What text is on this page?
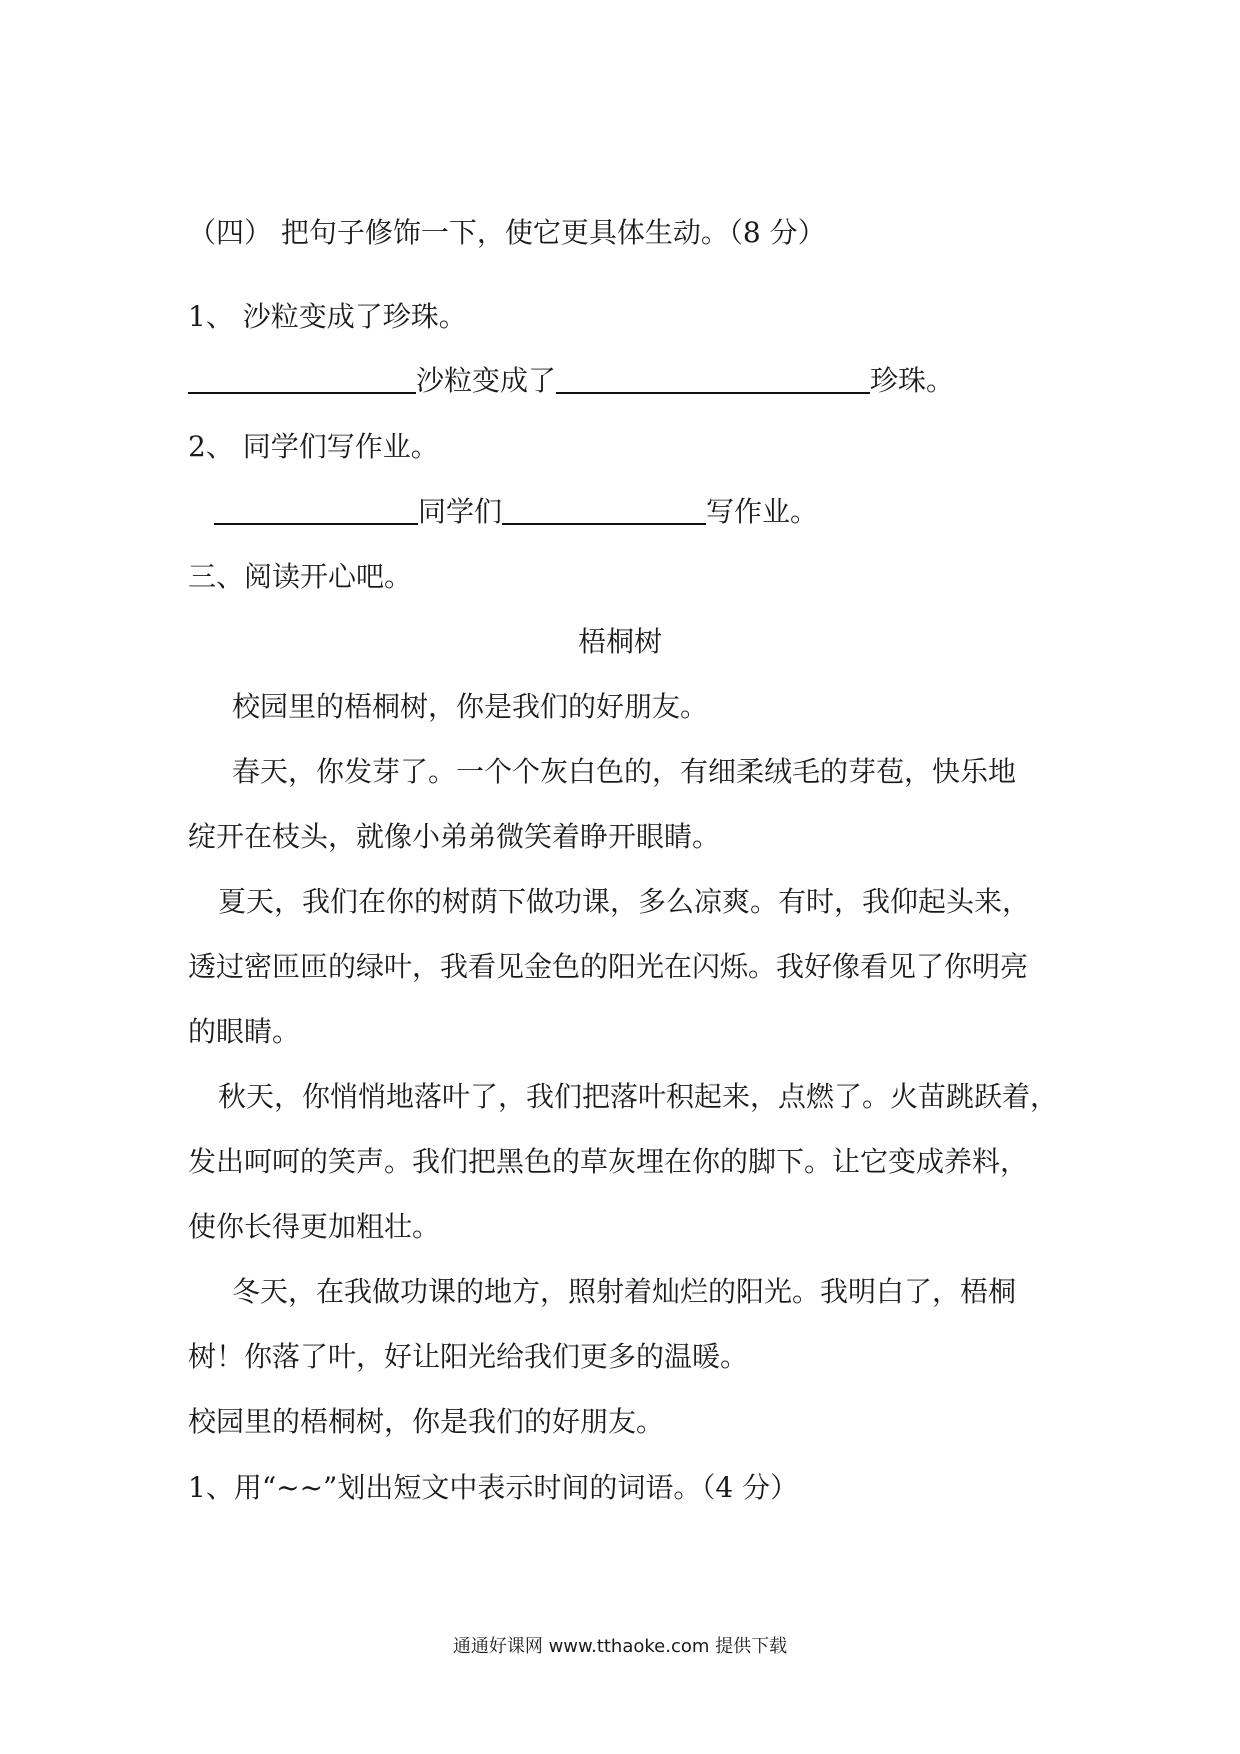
（四） 把句子修饰一下，使它更具体生动。（8 分）
1、 沙粒变成了珍珠。
沙粒变成了	珍珠。
2、 同学们写作业。
同学们	写作业。
三、阅读开心吧。
梧桐树
校园里的梧桐树，你是我们的好朋友。
春天，你发芽了。一个个灰白色的，有细柔绒毛的芽苞，快乐地
绽开在枝头，就像小弟弟微笑着睁开眼睛。
夏天，我们在你的树荫下做功课，多么凉爽。有时，我仰起头来，
透过密匝匝的绿叶，我看见金色的阳光在闪烁。我好像看见了你明亮
的眼睛。
秋天，你悄悄地落叶了，我们把落叶积起来，点燃了。火苗跳跃着，
发出呵呵的笑声。我们把黑色的草灰埋在你的脚下。让它变成养料，
使你长得更加粗壮。
冬天，在我做功课的地方，照射着灿烂的阳光。我明白了，梧桐
树！你落了叶，好让阳光给我们更多的温暖。
校园里的梧桐树，你是我们的好朋友。
1、用“~~”划出短文中表示时间的词语。（4 分）
通通好课网 www.tthaoke.com 提供下载
